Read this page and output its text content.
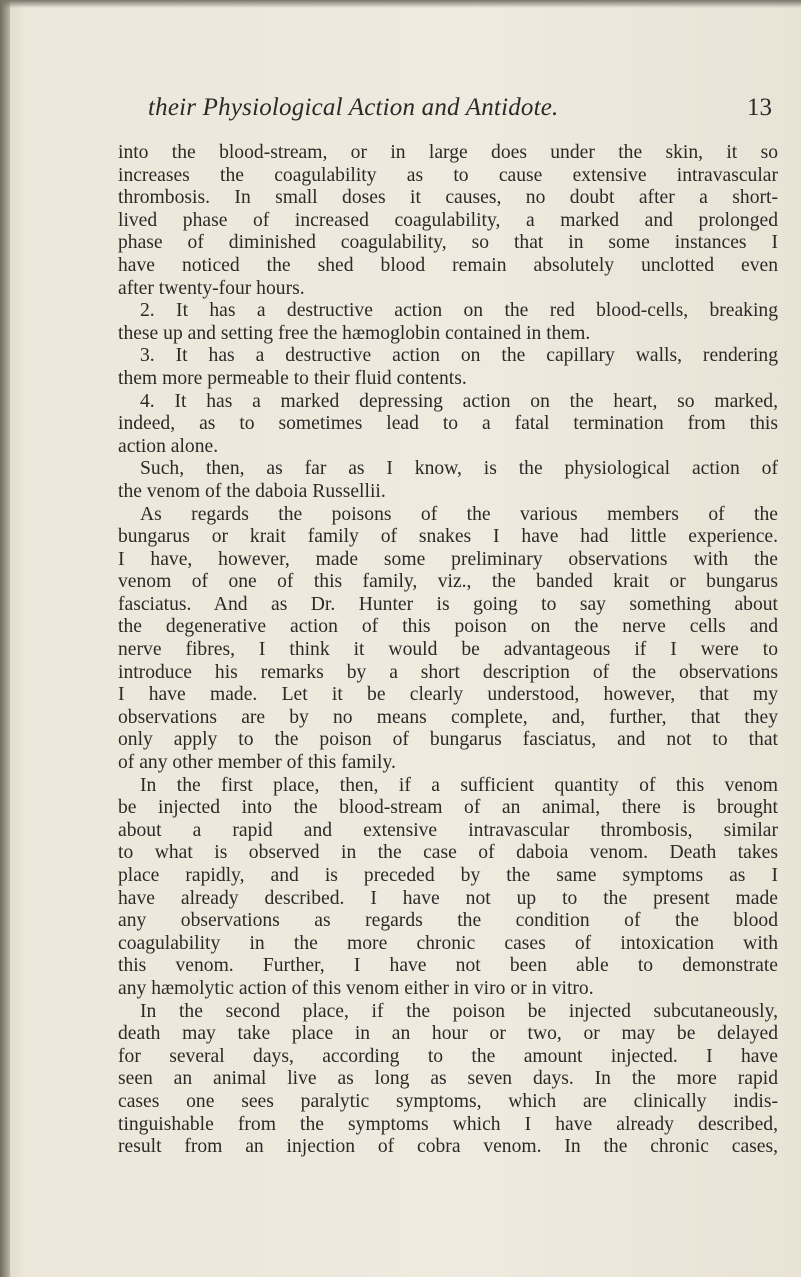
their Physiological Action and Antidote.	13
into the blood-stream, or in large does under the skin, it so
increases the coagulability as to cause extensive intravascular
thrombosis. In small doses it causes, no doubt after a short-
lived phase of increased coagulability, a marked and prolonged
phase of diminished coagulability, so that in some instances I
have noticed the shed blood remain absolutely unclotted even
after twenty-four hours.
2. It has a destructive action on the red blood-cells, breaking
these up and setting free the hæmoglobin contained in them.
3. It has a destructive action on the capillary walls, rendering
them more permeable to their fluid contents.
4. It has a marked depressing action on the heart, so marked,
indeed, as to sometimes lead to a fatal termination from this
action alone.
Such, then, as far as I know, is the physiological action of
the venom of the daboia Russellii.
As regards the poisons of the various members of the
bungarus or krait family of snakes I have had little experience.
I have, however, made some preliminary observations with the
venom of one of this family, viz., the banded krait or bungarus
fasciatus. And as Dr. Hunter is going to say something about
the degenerative action of this poison on the nerve cells and
nerve fibres, I think it would be advantageous if I were to
introduce his remarks by a short description of the observations
I have made. Let it be clearly understood, however, that my
observations are by no means complete, and, further, that they
only apply to the poison of bungarus fasciatus, and not to that
of any other member of this family.
In the first place, then, if a sufficient quantity of this venom
be injected into the blood-stream of an animal, there is brought
about a rapid and extensive intravascular thrombosis, similar
to what is observed in the case of daboia venom. Death takes
place rapidly, and is preceded by the same symptoms as I
have already described. I have not up to the present made
any observations as regards the condition of the blood
coagulability in the more chronic cases of intoxication with
this venom. Further, I have not been able to demonstrate
any hæmolytic action of this venom either in viro or in vitro.
In the second place, if the poison be injected subcutaneously,
death may take place in an hour or two, or may be delayed
for several days, according to the amount injected. I have
seen an animal live as long as seven days. In the more rapid
cases one sees paralytic symptoms, which are clinically indis-
tinguishable from the symptoms which I have already described,
result from an injection of cobra venom. In the chronic cases,
